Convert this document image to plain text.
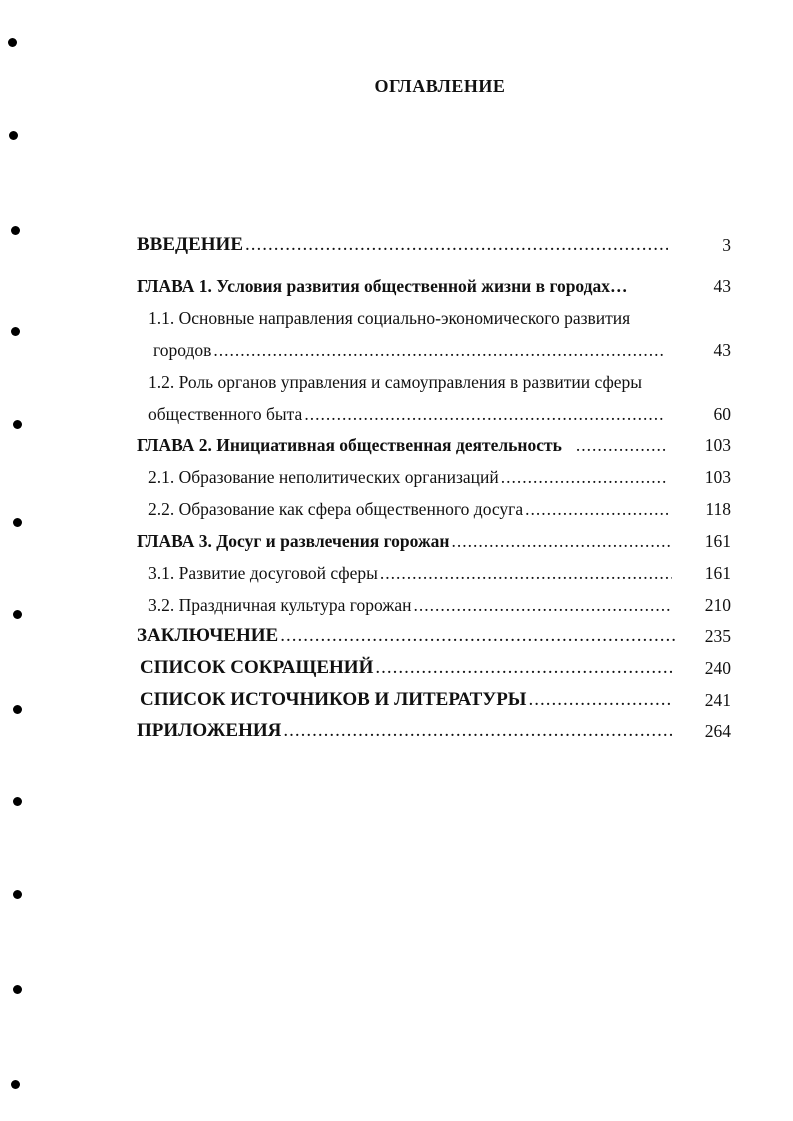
ОГЛАВЛЕНИЕ
ВВЕДЕНИЕ .....	3
ГЛАВА 1. Условия развития общественной жизни в городах…	43
1.1. Основные направления социально-экономического развития
городов .....	43
1.2. Роль органов управления и самоуправления в развитии сферы
общественного быта .....	60
ГЛАВА 2. Инициативная общественная деятельность .....	103
2.1. Образование неполитических организаций .....	103
2.2. Образование как сфера общественного досуга .....	118
ГЛАВА 3. Досуг и развлечения горожан .....	161
3.1. Развитие досуговой сферы .....	161
3.2. Праздничная культура горожан .....	210
ЗАКЛЮЧЕНИЕ .....	235
СПИСОК СОКРАЩЕНИЙ .....	240
СПИСОК ИСТОЧНИКОВ И ЛИТЕРАТУРЫ .....	241
ПРИЛОЖЕНИЯ .....	264
